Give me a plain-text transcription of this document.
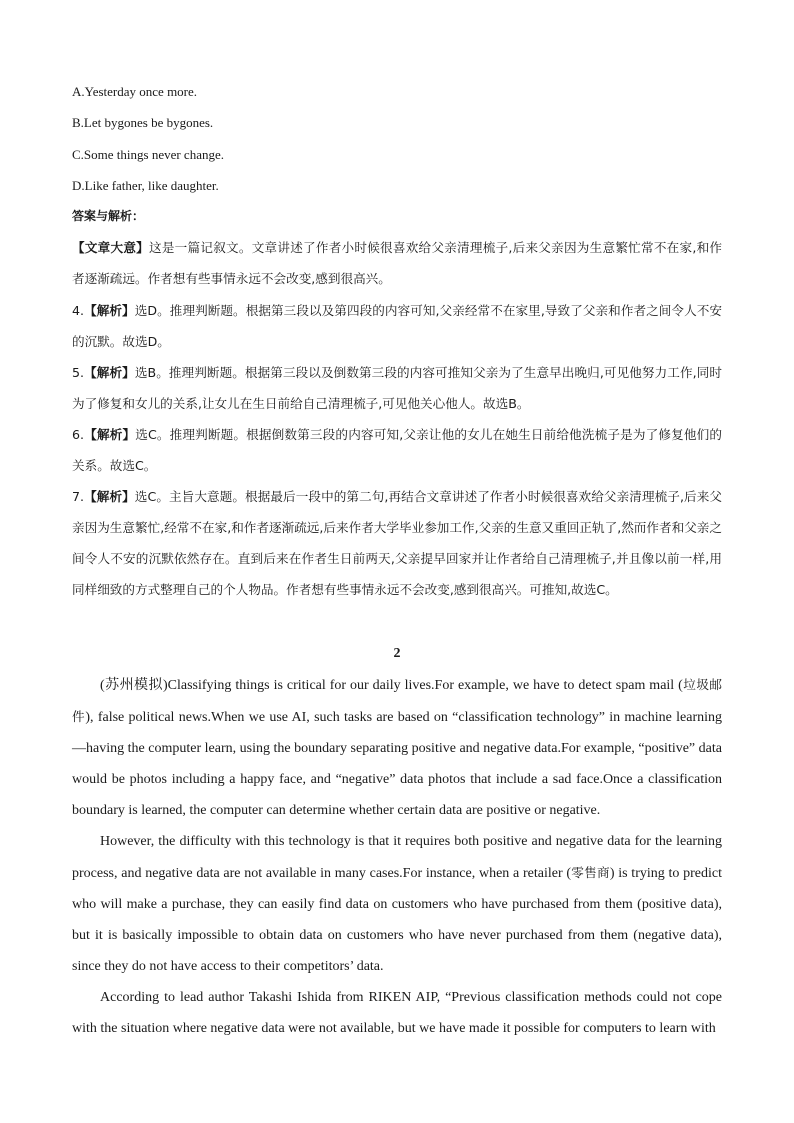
A.Yesterday once more.
B.Let bygones be bygones.
C.Some things never change.
D.Like father, like daughter.
答案与解析：
【文章大意】这是一篇记叙文。文章讲述了作者小时候很喜欢给父亲清理梳子,后来父亲因为生意繁忙常不在家,和作者逐渐疏远。作者想有些事情永远不会改变,感到很高兴。
4.【解析】选D。推理判断题。根据第三段以及第四段的内容可知,父亲经常不在家里,导致了父亲和作者之间令人不安的沉默。故选D。
5.【解析】选B。推理判断题。根据第三段以及倒数第三段的内容可推知父亲为了生意早出晚归,可见他努力工作,同时为了修复和女儿的关系,让女儿在生日前给自己清理梳子,可见他关心他人。故选B。
6.【解析】选C。推理判断题。根据倒数第三段的内容可知,父亲让他的女儿在她生日前给他洗梳子是为了修复他们的关系。故选C。
7.【解析】选C。主旨大意题。根据最后一段中的第二句,再结合文章讲述了作者小时候很喜欢给父亲清理梳子,后来父亲因为生意繁忙,经常不在家,和作者逐渐疏远,后来作者大学毕业参加工作,父亲的生意又重回正轨了,然而作者和父亲之间令人不安的沉默依然存在。直到后来在作者生日前两天,父亲提早回家并让作者给自己清理梳子,并且像以前一样,用同样细致的方式整理自己的个人物品。作者想有些事情永远不会改变,感到很高兴。可推知,故选C。
2

(苏州模拟)Classifying things is critical for our daily lives.For example, we have to detect spam mail (垃圾邮件), false political news.When we use AI, such tasks are based on “classification technology” in machine learning—having the computer learn, using the boundary separating positive and negative data.For example, “positive” data would be photos including a happy face, and “negative” data photos that include a sad face.Once a classification boundary is learned, the computer can determine whether certain data are positive or negative.

However, the difficulty with this technology is that it requires both positive and negative data for the learning process, and negative data are not available in many cases.For instance, when a retailer (零售商) is trying to predict who will make a purchase, they can easily find data on customers who have purchased from them (positive data), but it is basically impossible to obtain data on customers who have never purchased from them (negative data), since they do not have access to their competitors’ data.

According to lead author Takashi Ishida from RIKEN AIP, “Previous classification methods could not cope with the situation where negative data were not available, but we have made it possible for computers to learn with
